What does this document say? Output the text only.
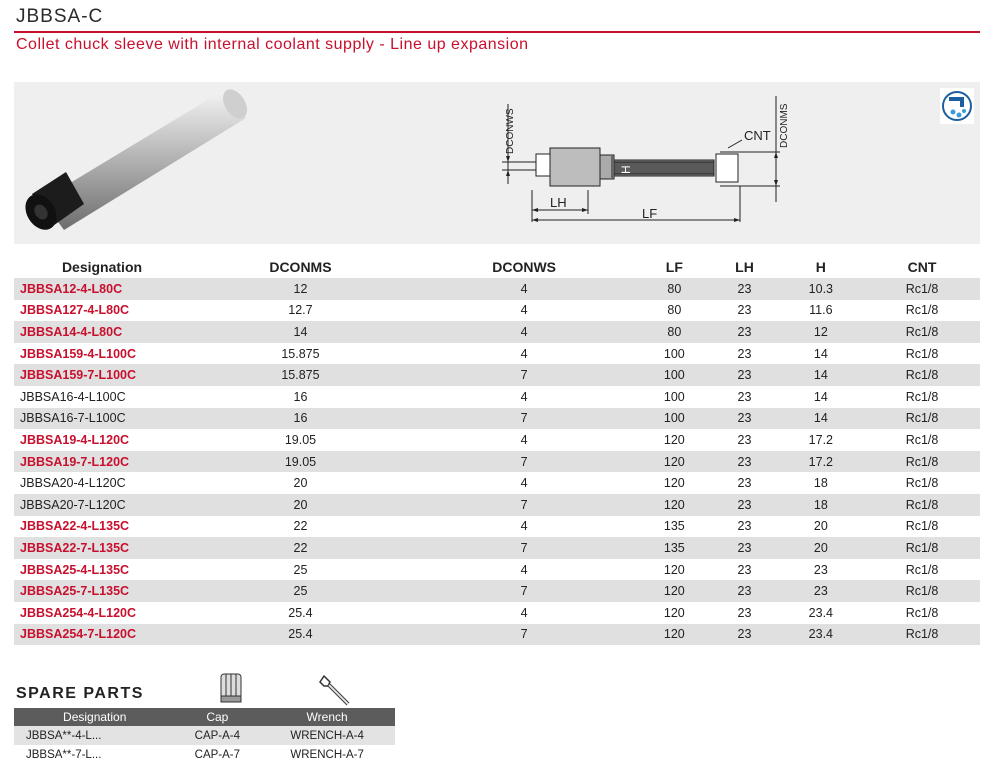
JBBSA-C
Collet chuck sleeve with internal coolant supply - Line up expansion
DCONWS	DCONMS
CNT
H
LH
LF
Designation	DCONMS	DCONWS	LF	LH	H	CNT
JBBSA12-4-L80C	12	4	80	23	10.3	Rc1/8
JBBSA127-4-L80C	12.7	4	80	23	11.6	Rc1/8
JBBSA14-4-L80C	14	4	80	23	12	Rc1/8
JBBSA159-4-L100C	15.875	4	100	23	14	Rc1/8
JBBSA159-7-L100C	15.875	7	100	23	14	Rc1/8
JBBSA16-4-L100C	16	4	100	23	14	Rc1/8
JBBSA16-7-L100C	16	7	100	23	14	Rc1/8
JBBSA19-4-L120C	19.05	4	120	23	17.2	Rc1/8
JBBSA19-7-L120C	19.05	7	120	23	17.2	Rc1/8
JBBSA20-4-L120C	20	4	120	23	18	Rc1/8
JBBSA20-7-L120C	20	7	120	23	18	Rc1/8
JBBSA22-4-L135C	22	4	135	23	20	Rc1/8
JBBSA22-7-L135C	22	7	135	23	20	Rc1/8
JBBSA25-4-L135C	25	4	120	23	23	Rc1/8
JBBSA25-7-L135C	25	7	120	23	23	Rc1/8
JBBSA254-4-L120C	25.4	4	120	23	23.4	Rc1/8
JBBSA254-7-L120C	25.4	7	120	23	23.4	Rc1/8
SPARE PARTS
Designation	Cap	Wrench
JBBSA**-4-L...	CAP-A-4	WRENCH-A-4
JBBSA**-7-L...	CAP-A-7	WRENCH-A-7
